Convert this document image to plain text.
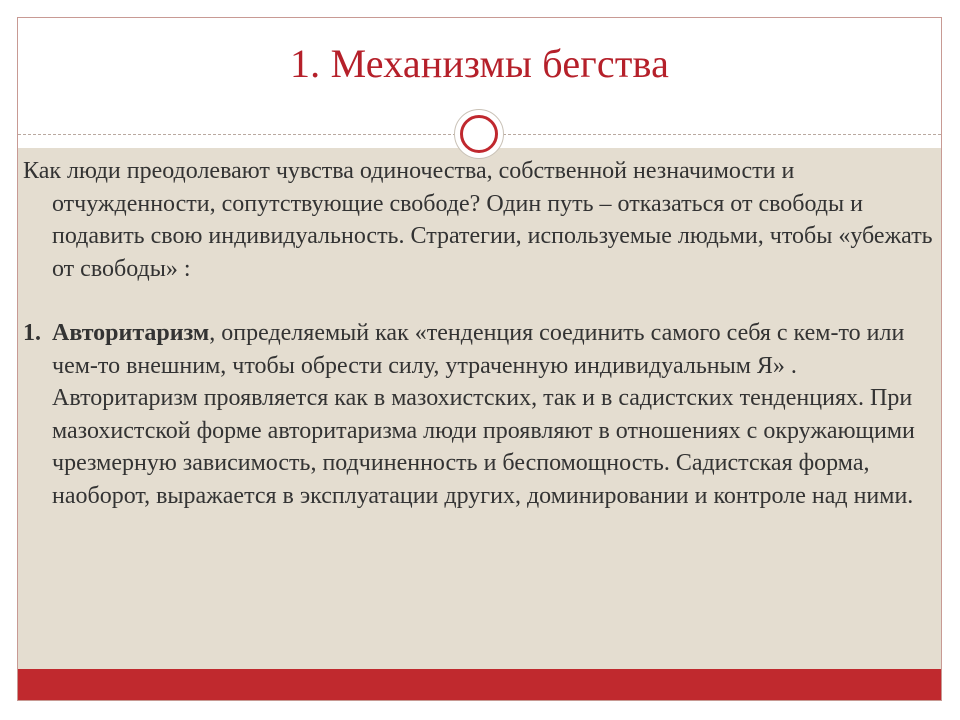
1. Механизмы бегства

Как люди преодолевают чувства одиночества, собственной незначимости и отчужденности, сопутствующие свободе? Один путь – отказаться от свободы и подавить свою индивидуальность. Стратегии, используемые людьми, чтобы «убежать от свободы» :

1. Авторитаризм, определяемый как «тенденция соединить самого себя с кем-то или чем-то внешним, чтобы обрести силу, утраченную индивидуальным Я» . Авторитаризм проявляется как в мазохистских, так и в садистских тенденциях. При мазохистской форме авторитаризма люди проявляют в отношениях с окружающими чрезмерную зависимость, подчиненность и беспомощность. Садистская форма, наоборот, выражается в эксплуатации других, доминировании и контроле над ними.
